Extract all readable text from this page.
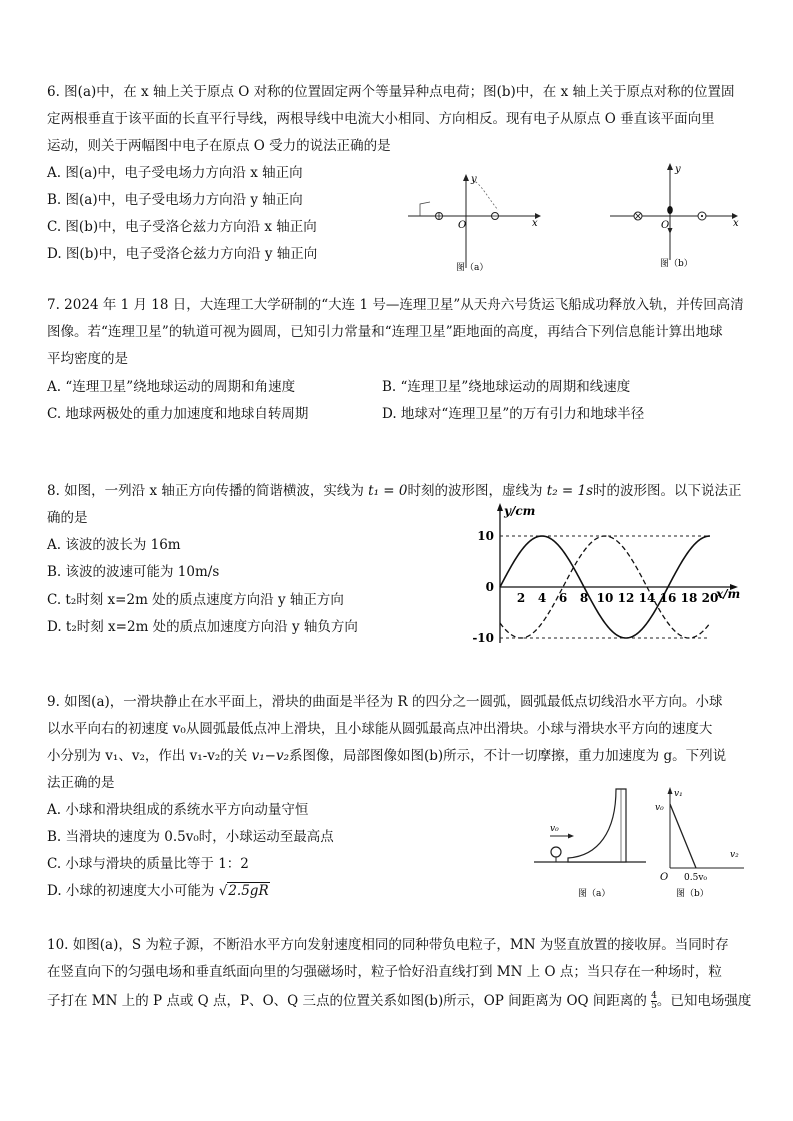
6. 图(a)中，在 x 轴上关于原点 O 对称的位置固定两个等量异种点电荷；图(b)中，在 x 轴上关于原点对称的位置固
定两根垂直于该平面的长直平行导线，两根导线中电流大小相同、方向相反。现有电子从原点 O 垂直该平面向里
运动，则关于两幅图中电子在原点 O 受力的说法正确的是
A. 图(a)中，电子受电场力方向沿 x 轴正向
B. 图(a)中，电子受电场力方向沿 y 轴正向
C. 图(b)中，电子受洛仑兹力方向沿 x 轴正向
D. 图(b)中，电子受洛仑兹力方向沿 y 轴正向
y
x
O
图（a）
y
x
O
图（b）
7. 2024 年 1 月 18 日，大连理工大学研制的“大连 1 号—连理卫星”从天舟六号货运飞船成功释放入轨，并传回高清
图像。若“连理卫星”的轨道可视为圆周，已知引力常量和“连理卫星”距地面的高度，再结合下列信息能计算出地球
平均密度的是
A. “连理卫星”绕地球运动的周期和角速度	B. “连理卫星”绕地球运动的周期和线速度
C. 地球两极处的重力加速度和地球自转周期	D. 地球对“连理卫星”的万有引力和地球半径
8. 如图，一列沿 x 轴正方向传播的简谐横波，实线为 t₁ = 0时刻的波形图，虚线为 t₂ = 1s时的波形图。以下说法正
确的是
A. 该波的波长为 16m
B. 该波的波速可能为 10m/s
C. t₂时刻 x=2m 处的质点速度方向沿 y 轴正方向
D. t₂时刻 x=2m 处的质点加速度方向沿 y 轴负方向
2 4 6 8 10 12 14 16 18 20
10
0
-10
y/cm
x/m
9. 如图(a)，一滑块静止在水平面上，滑块的曲面是半径为 R 的四分之一圆弧，圆弧最低点切线沿水平方向。小球
以水平向右的初速度 v₀从圆弧最低点冲上滑块，且小球能从圆弧最高点冲出滑块。小球与滑块水平方向的速度大
小分别为 v₁、v₂，作出 v₁-v₂的关 v₁−v₂系图像，局部图像如图(b)所示，不计一切摩擦，重力加速度为 g。下列说
法正确的是
A. 小球和滑块组成的系统水平方向动量守恒
B. 当滑块的速度为 0.5v₀时，小球运动至最高点
C. 小球与滑块的质量比等于 1：2
D. 小球的初速度大小可能为 √2.5gR
v₀
图（a）
v₁
v₀
v₂
O 0.5v₀
图（b）
10. 如图(a)，S 为粒子源，不断沿水平方向发射速度相同的同种带负电粒子，MN 为竖直放置的接收屏。当同时存
在竖直向下的匀强电场和垂直纸面向里的匀强磁场时，粒子恰好沿直线打到 MN 上 O 点；当只存在一种场时，粒
子打在 MN 上的 P 点或 Q 点，P、O、Q 三点的位置关系如图(b)所示，OP 间距离为 OQ 间距离的 $\frac{4}{5}$ 。已知电场强度
